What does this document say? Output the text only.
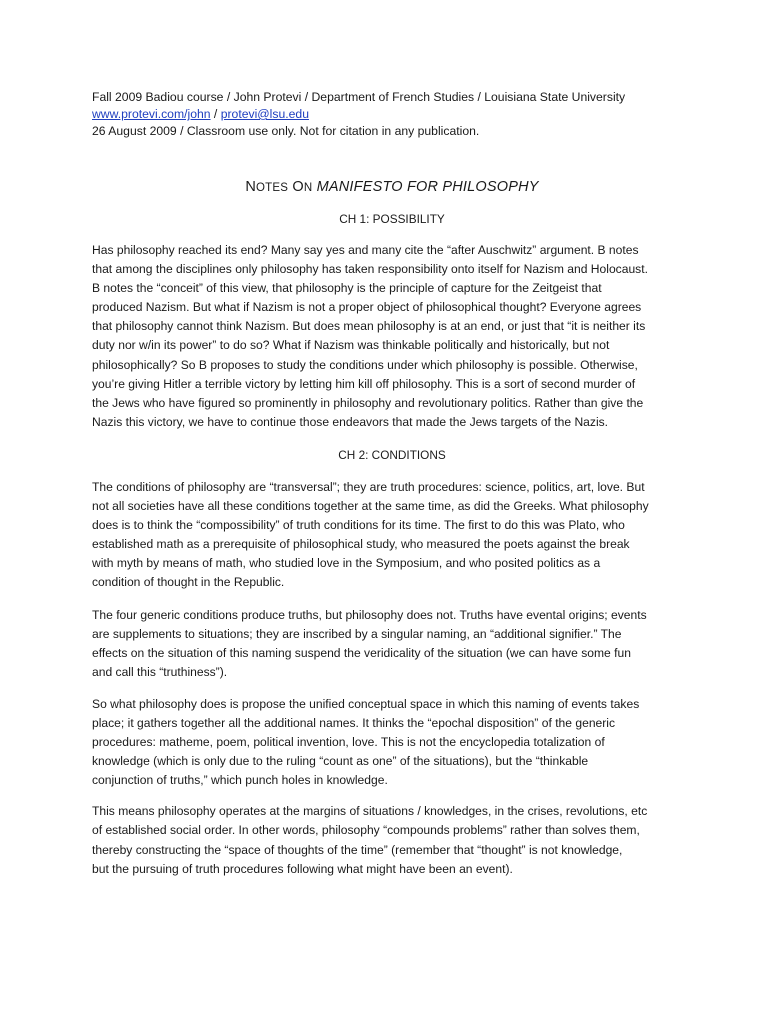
Fall 2009 Badiou course / John Protevi / Department of French Studies / Louisiana State University
www.protevi.com/john / protevi@lsu.edu
26 August 2009 / Classroom use only. Not for citation in any publication.
NOTES ON MANIFESTO FOR PHILOSOPHY
CH 1: POSSIBILITY
Has philosophy reached its end? Many say yes and many cite the “after Auschwitz” argument. B notes
that among the disciplines only philosophy has taken responsibility onto itself for Nazism and Holocaust.
B notes the “conceit” of this view, that philosophy is the principle of capture for the Zeitgeist that
produced Nazism. But what if Nazism is not a proper object of philosophical thought? Everyone agrees
that philosophy cannot think Nazism. But does mean philosophy is at an end, or just that “it is neither its
duty nor w/in its power” to do so? What if Nazism was thinkable politically and historically, but not
philosophically? So B proposes to study the conditions under which philosophy is possible. Otherwise,
you’re giving Hitler a terrible victory by letting him kill off philosophy. This is a sort of second murder of
the Jews who have figured so prominently in philosophy and revolutionary politics. Rather than give the
Nazis this victory, we have to continue those endeavors that made the Jews targets of the Nazis.
CH 2: CONDITIONS
The conditions of philosophy are “transversal”; they are truth procedures: science, politics, art, love. But
not all societies have all these conditions together at the same time, as did the Greeks. What philosophy
does is to think the “compossibility” of truth conditions for its time. The first to do this was Plato, who
established math as a prerequisite of philosophical study, who measured the poets against the break
with myth by means of math, who studied love in the Symposium, and who posited politics as a
condition of thought in the Republic.
The four generic conditions produce truths, but philosophy does not. Truths have evental origins; events
are supplements to situations; they are inscribed by a singular naming, an “additional signifier.” The
effects on the situation of this naming suspend the veridicality of the situation (we can have some fun
and call this “truthiness”).
So what philosophy does is propose the unified conceptual space in which this naming of events takes
place; it gathers together all the additional names. It thinks the “epochal disposition” of the generic
procedures: matheme, poem, political invention, love. This is not the encyclopedia totalization of
knowledge (which is only due to the ruling “count as one” of the situations), but the “thinkable
conjunction of truths,” which punch holes in knowledge.
This means philosophy operates at the margins of situations / knowledges, in the crises, revolutions, etc
of established social order. In other words, philosophy “compounds problems” rather than solves them,
thereby constructing the “space of thoughts of the time” (remember that “thought” is not knowledge,
but the pursuing of truth procedures following what might have been an event).
